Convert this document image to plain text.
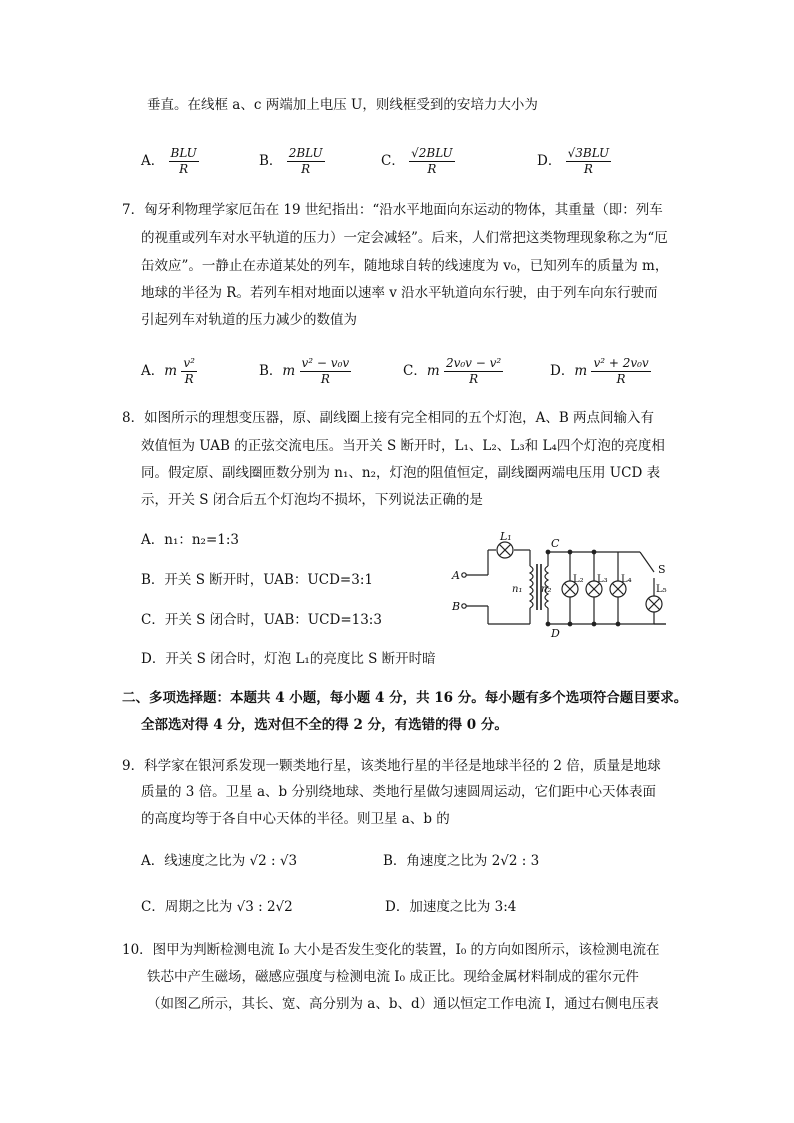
垂直。在线框 a、c 两端加上电压 U，则线框受到的安培力大小为
A． $\frac{\text{BLU}}{R}$	B． $\frac{\text{2BLU}}{R}$	C． $\frac{\text{√2BLU}}{R}$	D． $\frac{\text{√3BLU}}{R}$
7．匈牙利物理学家厄缶在 19 世纪指出：“沿水平地面向东运动的物体，其重量（即：列车
的视重或列车对水平轨道的压力）一定会减轻”。后来，人们常把这类物理现象称之为“厄
缶效应”。一静止在赤道某处的列车，随地球自转的线速度为 v₀，已知列车的质量为 m，
地球的半径为 R。若列车相对地面以速率 v 沿水平轨道向东行驶，由于列车向东行驶而
引起列车对轨道的压力减少的数值为
A．m $\frac{\text{v²}}{R}$	B．m $\frac{\text{v² − v₀v}}{R}$	C．m $\frac{\text{2v₀v − v²}}{R}$	D．m $\frac{\text{v² + 2v₀v}}{R}$
8．如图所示的理想变压器，原、副线圈上接有完全相同的五个灯泡，A、B 两点间输入有
效值恒为 UAB 的正弦交流电压。当开关 S 断开时，L₁、L₂、L₃和 L₄四个灯泡的亮度相
同。假定原、副线圈匝数分别为 n₁、n₂，灯泡的阻值恒定，副线圈两端电压用 UCD 表
示，开关 S 闭合后五个灯泡均不损坏，下列说法正确的是
A．n₁：n₂=1:3
B．开关 S 断开时，UAB：UCD=3:1
C．开关 S 闭合时，UAB：UCD=13:3
D．开关 S 闭合时，灯泡 L₁的亮度比 S 断开时暗
L₁
A
B
C
D
n₁ n₂
L₂ L₃ L₄
L₅
S
二、多项选择题：本题共 4 小题，每小题 4 分，共 16 分。每小题有多个选项符合题目要求。
全部选对得 4 分，选对但不全的得 2 分，有选错的得 0 分。
9．科学家在银河系发现一颗类地行星，该类地行星的半径是地球半径的 2 倍，质量是地球
质量的 3 倍。卫星 a、b 分别绕地球、类地行星做匀速圆周运动，它们距中心天体表面
的高度均等于各自中心天体的半径。则卫星 a、b 的
A．线速度之比为 √2 : √3	B．角速度之比为 2√2 : 3
C．周期之比为 √3 : 2√2	D．加速度之比为 3:4
10．图甲为判断检测电流 I₀ 大小是否发生变化的装置，I₀ 的方向如图所示，该检测电流在
铁芯中产生磁场，磁感应强度与检测电流 I₀ 成正比。现给金属材料制成的霍尔元件
（如图乙所示，其长、宽、高分别为 a、b、d）通以恒定工作电流 I，通过右侧电压表
